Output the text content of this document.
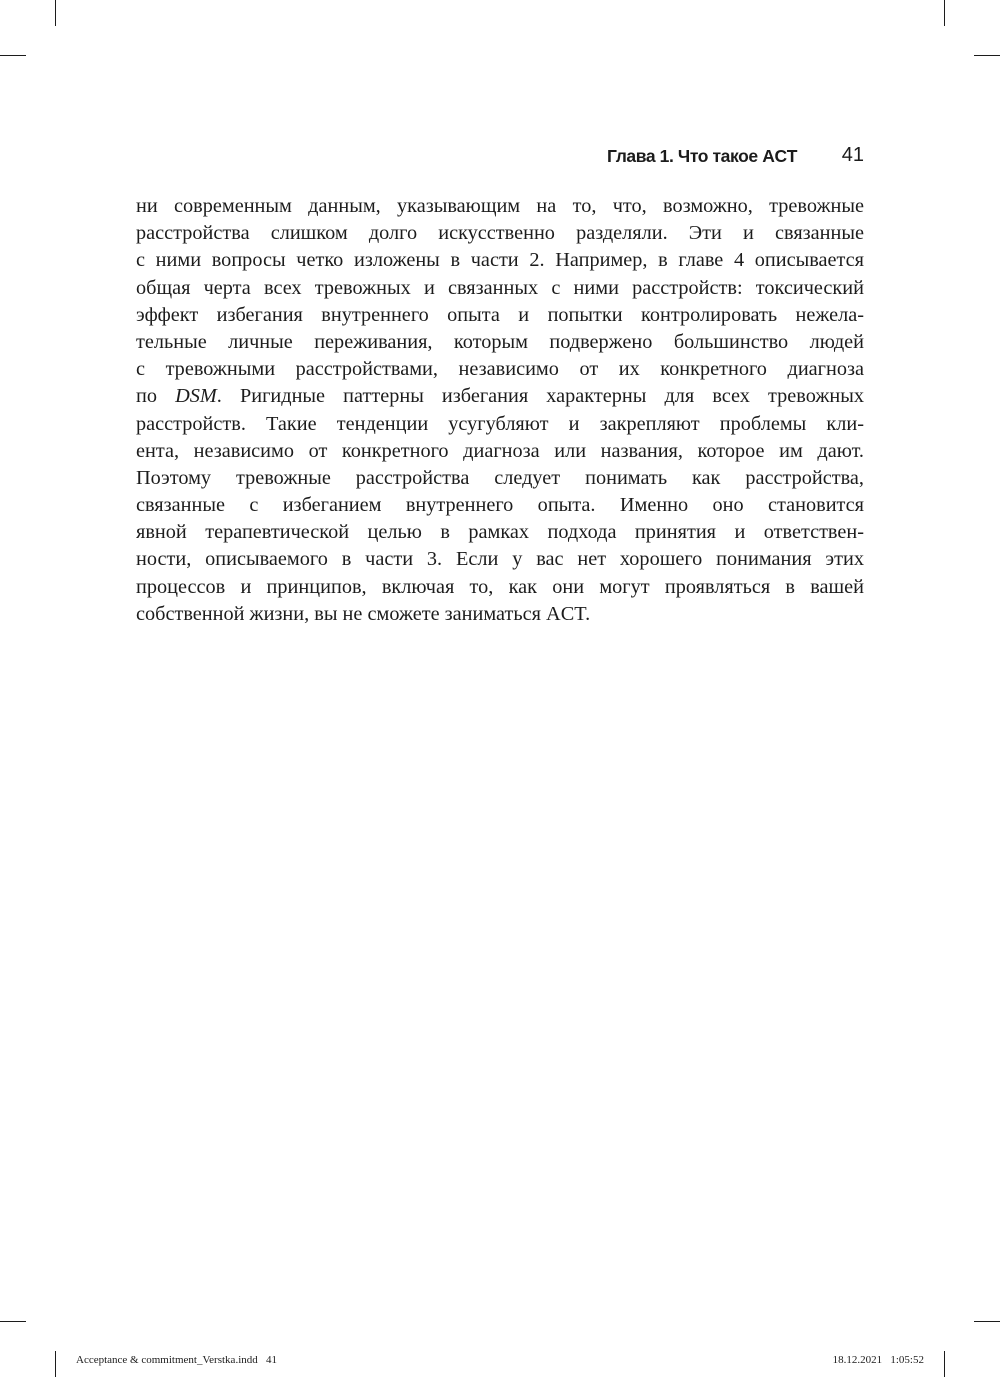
Глава 1. Что такое ACT 41
ни современным данным, указывающим на то, что, возможно, тревожные
расстройства слишком долго искусственно разделяли. Эти и связанные
с ними вопросы четко изложены в части 2. Например, в главе 4 описывается
общая черта всех тревожных и связанных с ними расстройств: токсический
эффект избегания внутреннего опыта и попытки контролировать нежела-
тельные личные переживания, которым подвержено большинство людей
с тревожными расстройствами, независимо от их конкретного диагноза
по DSM. Ригидные паттерны избегания характерны для всех тревожных
расстройств. Такие тенденции усугубляют и закрепляют проблемы кли-
ента, независимо от конкретного диагноза или названия, которое им дают.
Поэтому тревожные расстройства следует понимать как расстройства,
связанные с избеганием внутреннего опыта. Именно оно становится
явной терапевтической целью в рамках подхода принятия и ответствен-
ности, описываемого в части 3. Если у вас нет хорошего понимания этих
процессов и принципов, включая то, как они могут проявляться в вашей
собственной жизни, вы не сможете заниматься ACT.
Acceptance & commitment_Verstka.indd   41	18.12.2021   1:05:52
